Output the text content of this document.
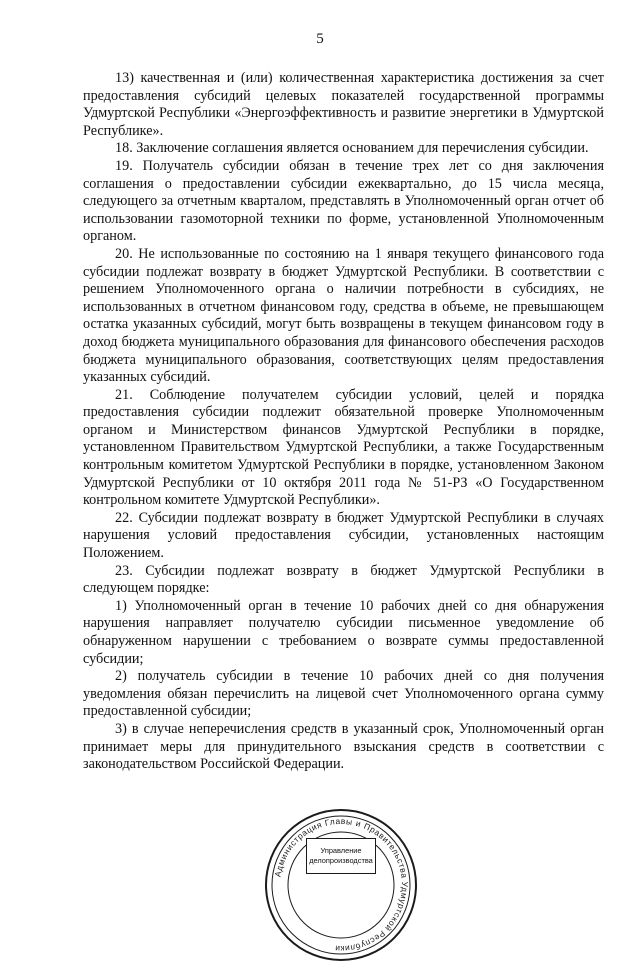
5

13) качественная и (или) количественная характеристика достижения за счет предоставления субсидий целевых показателей государственной программы Удмуртской Республики «Энергоэффективность и развитие энергетики в Удмуртской Республике».

18. Заключение соглашения является основанием для перечисления субсидии.

19. Получатель субсидии обязан в течение трех лет со дня заключения соглашения о предоставлении субсидии ежеквартально, до 15 числа месяца, следующего за отчетным кварталом, представлять в Уполномоченный орган отчет об использовании газомоторной техники по форме, установленной Уполномоченным органом.

20. Не использованные по состоянию на 1 января текущего финансового года субсидии подлежат возврату в бюджет Удмуртской Республики. В соответствии с решением Уполномоченного органа о наличии потребности в субсидиях, не использованных в отчетном финансовом году, средства в объеме, не превышающем остатка указанных субсидий, могут быть возвращены в текущем финансовом году в доход бюджета муниципального образования для финансового обеспечения расходов бюджета муниципального образования, соответствующих целям предоставления указанных субсидий.

21. Соблюдение получателем субсидии условий, целей и порядка предоставления субсидии подлежит обязательной проверке Уполномоченным органом и Министерством финансов Удмуртской Республики в порядке, установленном Правительством Удмуртской Республики, а также Государственным контрольным комитетом Удмуртской Республики в порядке, установленном Законом Удмуртской Республики от 10 октября 2011 года № 51-РЗ «О Государственном контрольном комитете Удмуртской Республики».

22. Субсидии подлежат возврату в бюджет Удмуртской Республики в случаях нарушения условий предоставления субсидии, установленных настоящим Положением.

23. Субсидии подлежат возврату в бюджет Удмуртской Республики в следующем порядке:

1) Уполномоченный орган в течение 10 рабочих дней со дня обнаружения нарушения направляет получателю субсидии письменное уведомление об обнаруженном нарушении с требованием о возврате суммы предоставленной субсидии;

2) получатель субсидии в течение 10 рабочих дней со дня получения уведомления обязан перечислить на лицевой счет Уполномоченного органа сумму предоставленной субсидии;

3) в случае неперечисления средств в указанный срок, Уполномоченный орган принимает меры для принудительного взыскания средств в соответствии с законодательством Российской Федерации.

Администрация Главы и Правительства Удмуртской Республики
Управление
делопроизводства
